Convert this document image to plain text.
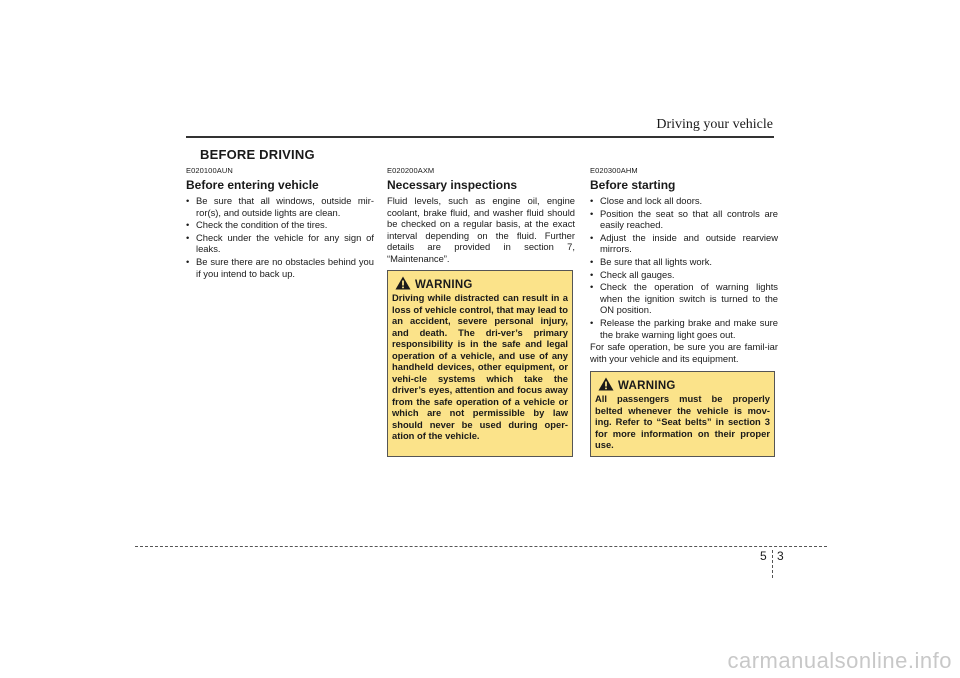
Driving your vehicle
BEFORE DRIVING
E020100AUN
Before entering vehicle
• Be sure that all windows, outside mir-ror(s), and outside lights are clean.
• Check the condition of the tires.
• Check under the vehicle for any sign of leaks.
• Be sure there are no obstacles behind you if you intend to back up.
E020200AXM
Necessary inspections

Fluid levels, such as engine oil, engine coolant, brake fluid, and washer fluid should be checked on a regular basis, at the exact interval depending on the fluid. Further details are provided in section 7, “Maintenance”.

WARNING

Driving while distracted can result in a loss of vehicle control, that may lead to an accident, severe personal injury, and death. The dri-ver’s primary responsibility is in the safe and legal operation of a vehicle, and use of any handheld devices, other equipment, or vehi-cle systems which take the driver’s eyes, attention and focus away from the safe operation of a vehicle or which are not permissible by law should never be used during oper-ation of the vehicle.

E020300AHM
Before starting
• Close and lock all doors.
• Position the seat so that all controls are easily reached.
• Adjust the inside and outside rearview mirrors.
• Be sure that all lights work.
• Check all gauges.
• Check the operation of warning lights when the ignition switch is turned to the ON position.
• Release the parking brake and make sure the brake warning light goes out.

For safe operation, be sure you are famil-iar with your vehicle and its equipment.

WARNING

All passengers must be properly belted whenever the vehicle is mov-ing. Refer to “Seat belts” in section 3 for more information on their proper use.

5 3
carmanualsonline.info
